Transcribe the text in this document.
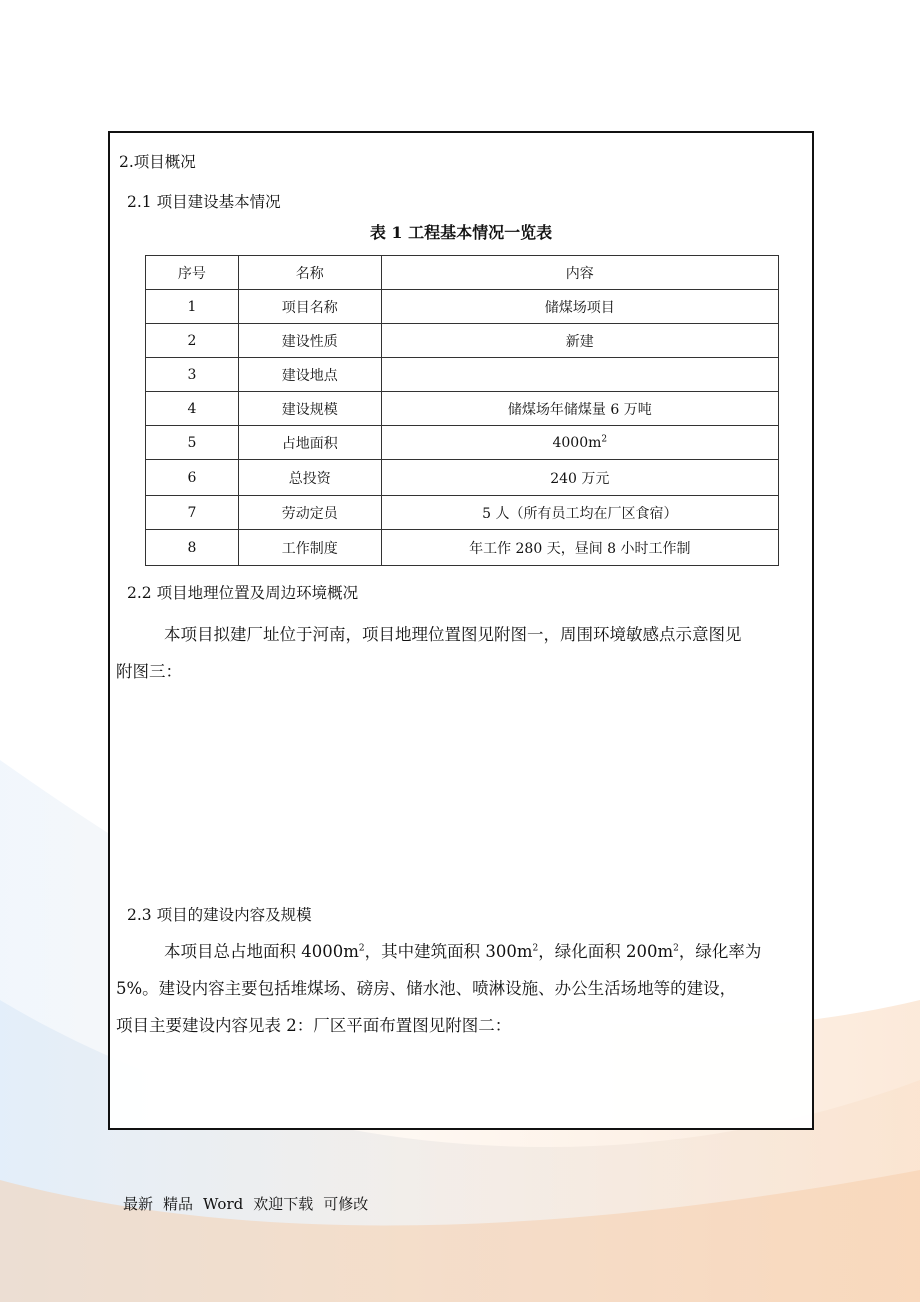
2.项目概况
2.1 项目建设基本情况
表 1 工程基本情况一览表
序号	名称	内容
1	项目名称	储煤场项目
2	建设性质	新建
3	建设地点	
4	建设规模	储煤场年储煤量 6 万吨
5	占地面积	$4000m^2$
6	总投资	240 万元
7	劳动定员	5 人（所有员工均在厂区食宿）
8	工作制度	年工作 280 天，昼间 8 小时工作制
2.2 项目地理位置及周边环境概况
本项目拟建厂址位于河南，项目地理位置图见附图一，周围环境敏感点示意图见
附图三：
2.3 项目的建设内容及规模
本项目总占地面积 $4000m^2$，其中建筑面积 $300m^2$，绿化面积 $200m^2$，绿化率为
5%。建设内容主要包括堆煤场、磅房、储水池、喷淋设施、办公生活场地等的建设，
项目主要建设内容见表 2：厂区平面布置图见附图二：
最新 精品 Word 欢迎下载 可修改
